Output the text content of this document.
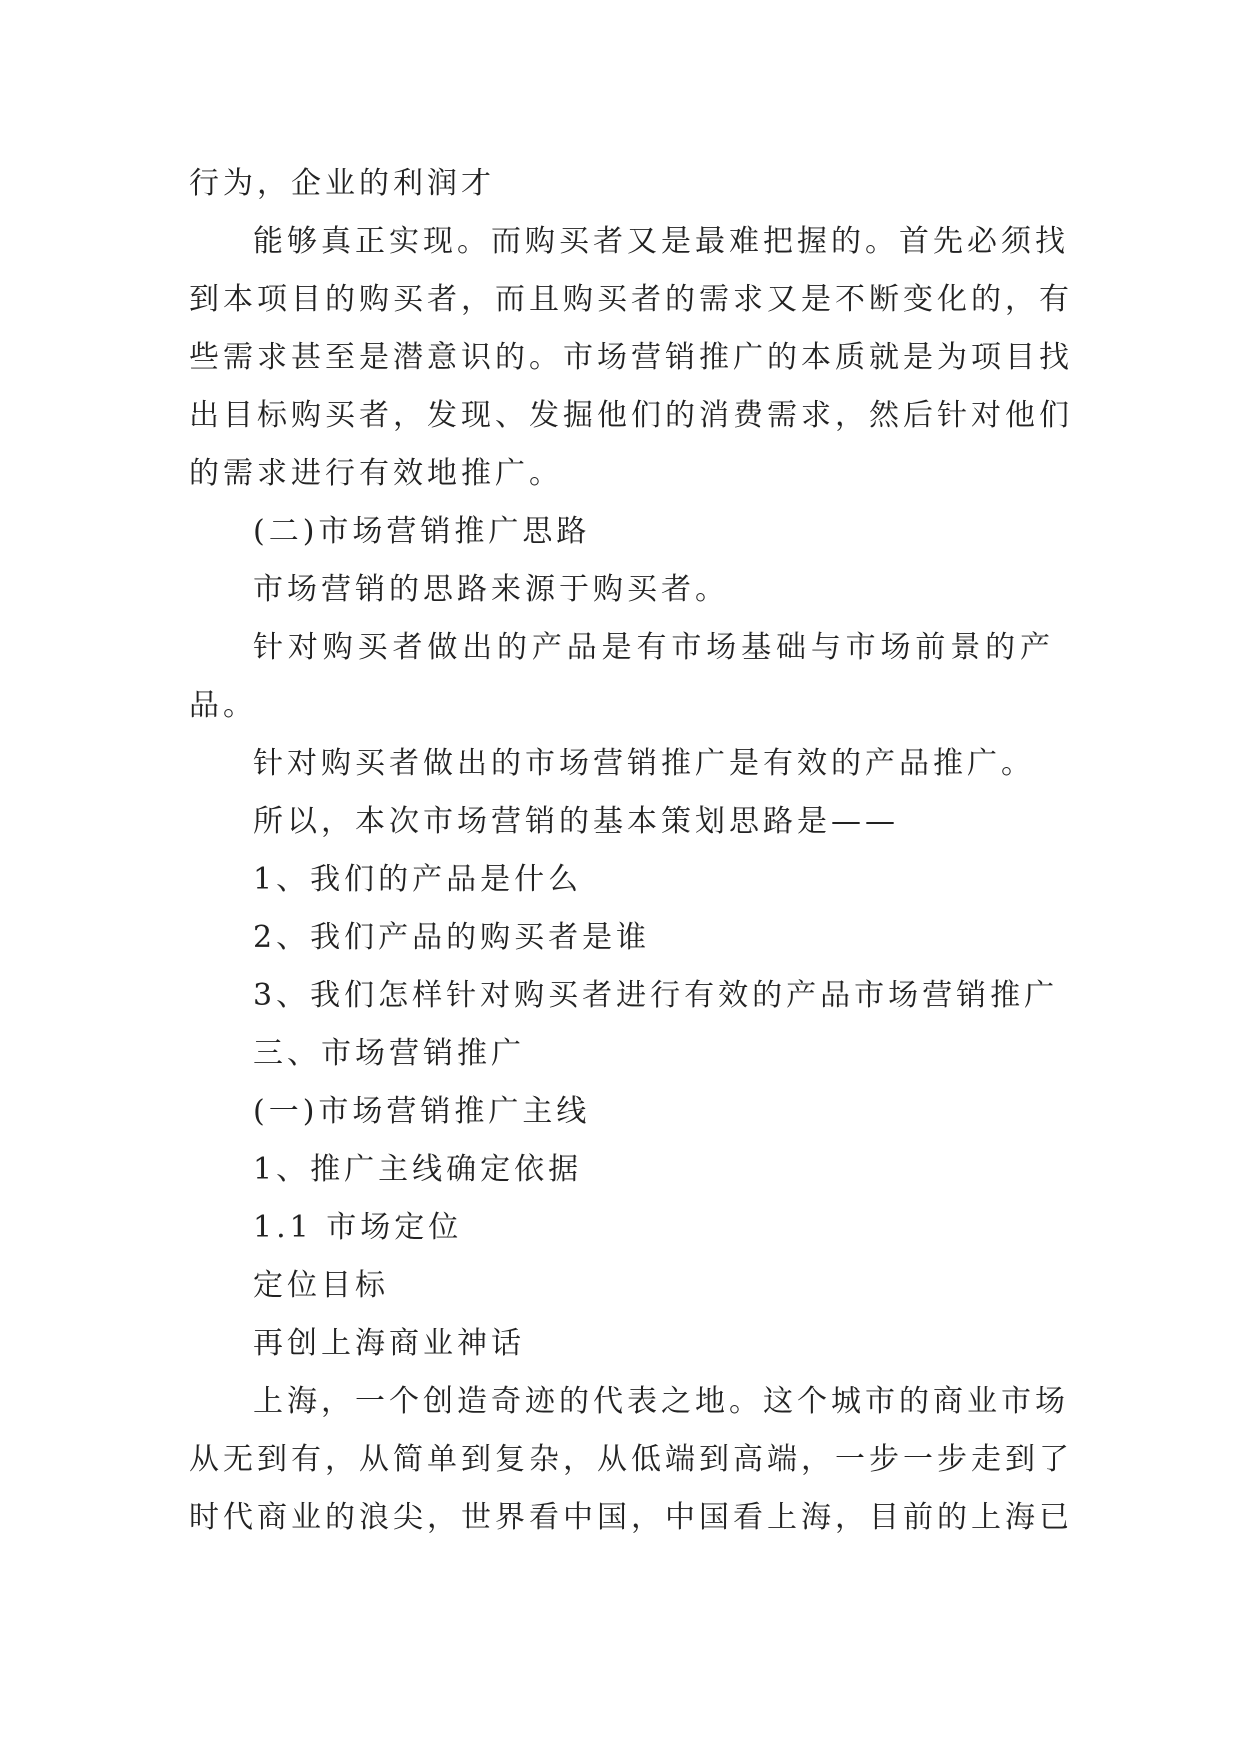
行为，企业的利润才
能够真正实现。而购买者又是最难把握的。首先必须找
到本项目的购买者，而且购买者的需求又是不断变化的，有
些需求甚至是潜意识的。市场营销推广的本质就是为项目找
出目标购买者，发现、发掘他们的消费需求，然后针对他们
的需求进行有效地推广。
(二)市场营销推广思路
市场营销的思路来源于购买者。
针对购买者做出的产品是有市场基础与市场前景的产
品。
针对购买者做出的市场营销推广是有效的产品推广。
所以，本次市场营销的基本策划思路是——
1、我们的产品是什么
2、我们产品的购买者是谁
3、我们怎样针对购买者进行有效的产品市场营销推广
三、市场营销推广
(一)市场营销推广主线
1、推广主线确定依据
1.1 市场定位
定位目标
再创上海商业神话
上海，一个创造奇迹的代表之地。这个城市的商业市场
从无到有，从简单到复杂，从低端到高端，一步一步走到了
时代商业的浪尖，世界看中国，中国看上海，目前的上海已
